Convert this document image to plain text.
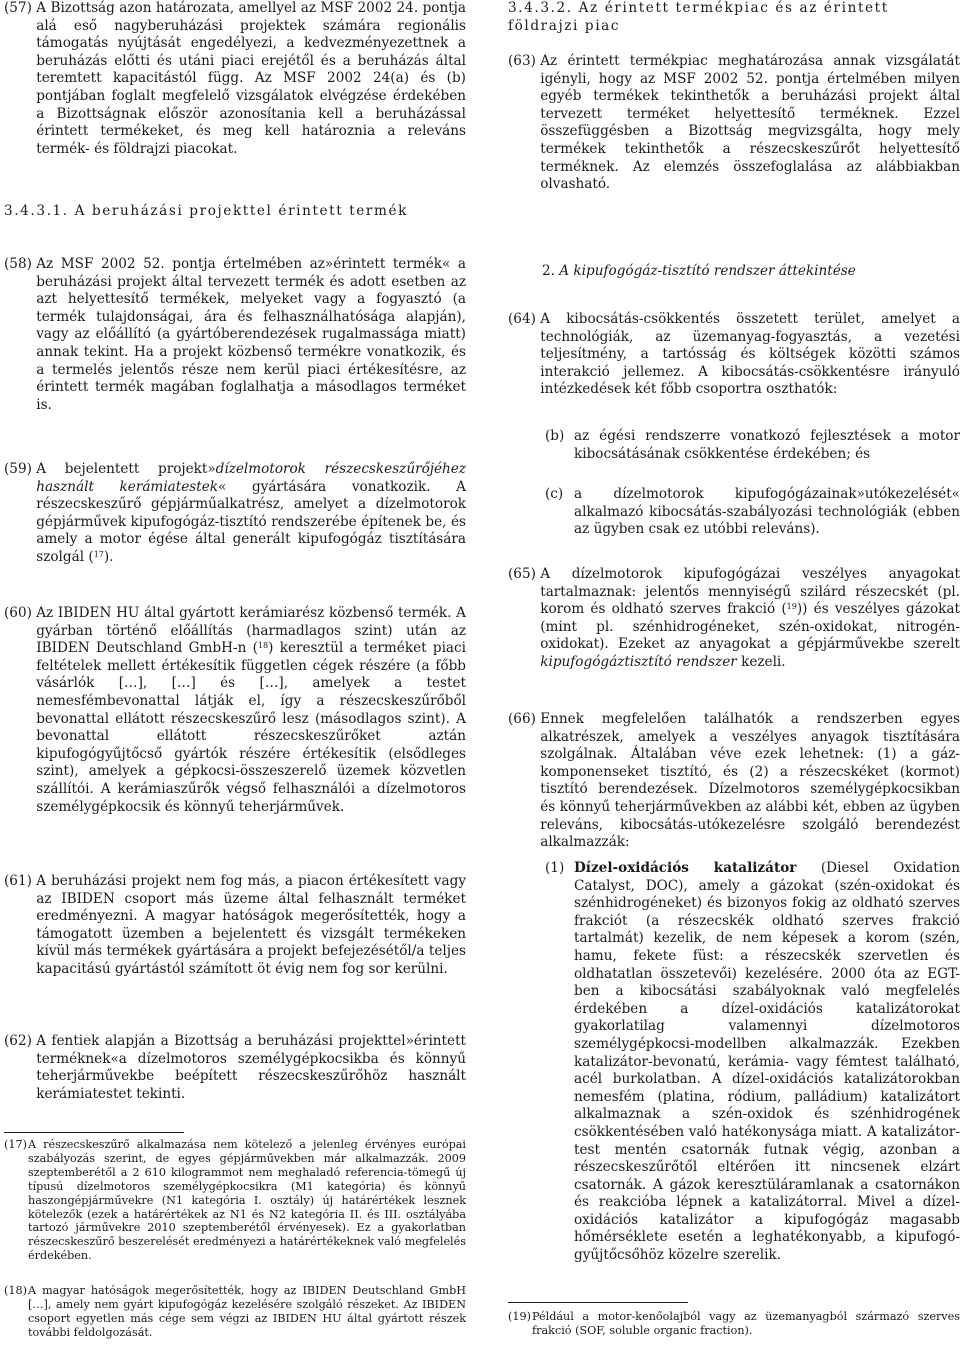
(57) A Bizottság azon határozata, amellyel az MSF 2002 24. pontja alá eső nagyberuházási projektek számára regionális támogatás nyújtását engedélyezi, a kedvezményezettnek a beruházás előtti és utáni piaci erejétől és a beruházás által teremtett kapacitástól függ. Az MSF 2002 24(a) és (b) pontjában foglalt megfelelő vizsgálatok elvégzése érdekében a Bizottságnak először azonosítania kell a beruházással érintett termékeket, és meg kell határoznia a releváns termék- és földrajzi piacokat.
3.4.3.1. A beruházási projekttel érintett termék
(58) Az MSF 2002 52. pontja értelmében az»érintett termék« a beruházási projekt által tervezett termék és adott esetben az azt helyettesítő termékek, melyeket vagy a fogyasztó (a termék tulajdonságai, ára és felhasználhatósága alapján), vagy az előállító (a gyártóberendezések rugalmassága miatt) annak tekint. Ha a projekt közbenső termékre vonatkozik, és a termelés jelentős része nem kerül piaci értékesítésre, az érintett termék magában foglalhatja a másodlagos terméket is.
(59) A bejelentett projekt»dízelmotorok részecskeszűrőjéhez használt kerámiatestek« gyártására vonatkozik. A részecskeszűrő gépjárműalkatrész, amelyet a dízelmotorok gépjárművek kipufogógáz-tisztító rendszerébe építenek be, és amely a motor égése által generált kipufogógáz tisztítására szolgál ($^{17}$).
(60) Az IBIDEN HU által gyártott kerámiarész közbenső termék. A gyárban történő előállítás (harmadlagos szint) után az IBIDEN Deutschland GmbH-n ($^{18}$) keresztül a terméket piaci feltételek mellett értékesítik független cégek részére (a főbb vásárlók […], […] és […], amelyek a testet nemesfémbevonattal látják el, így a részecskeszűrőből bevonattal ellátott részecskeszűrő lesz (másodlagos szint). A bevonattal ellátott részecskeszűrőket aztán kipufogógyűjtőcső gyártók részére értékesítik (elsődleges szint), amelyek a gépkocsi-összeszerelő üzemek közvetlen szállítói. A kerámiaszűrők végső felhasználói a dízelmotoros személygépkocsik és könnyű teherjárművek.
(61) A beruházási projekt nem fog más, a piacon értékesített vagy az IBIDEN csoport más üzeme által felhasznált terméket eredményezni. A magyar hatóságok megerősítették, hogy a támogatott üzemben a bejelentett és vizsgált termékeken kívül más termékek gyártására a projekt befejezésétől/a teljes kapacitású gyártástól számított öt évig nem fog sor kerülni.
(62) A fentiek alapján a Bizottság a beruházási projekttel»érintett terméknek«a dízelmotoros személygépkocsikba és könnyű teherjárművekbe beépített részecskeszűrőhöz használt kerámiatestet tekinti.
(17) A részecskeszűrő alkalmazása nem kötelező a jelenleg érvényes európai szabályozás szerint, de egyes gépjárművekben már alkalmazzák. 2009 szeptemberétől a 2 610 kilogrammot nem meghaladó referencia-tömegű új típusú dízelmotoros személygépkocsikra (M1 kategória) és könnyű haszongépjárművekre (N1 kategória I. osztály) új határértékek lesznek kötelezők (ezek a határértékek az N1 és N2 kategória II. és III. osztályába tartozó járművekre 2010 szeptemberétől érvényesek). Ez a gyakorlatban részecskeszűrő beszerelését eredményezi a határértékeknek való megfelelés érdekében.
(18) A magyar hatóságok megerősítették, hogy az IBIDEN Deutschland GmbH […], amely nem gyárt kipufogógáz kezelésére szolgáló részeket. Az IBIDEN csoport egyetlen más cége sem végzi az IBIDEN HU által gyártott részek további feldolgozását.
3.4.3.2. Az érintett termékpiac és az érintett földrajzi piac
(63) Az érintett termékpiac meghatározása annak vizsgálatát igényli, hogy az MSF 2002 52. pontja értelmében milyen egyéb termékek tekinthetők a beruházási projekt által tervezett terméket helyettesítő terméknek. Ezzel összefüggésben a Bizottság megvizsgálta, hogy mely termékek tekinthetők a részecskeszűrőt helyettesítő terméknek. Az elemzés összefoglalása az alábbiakban olvasható.
2. A kipufogógáz-tisztító rendszer áttekintése
(64) A kibocsátás-csökkentés összetett terület, amelyet a technológiák, az üzemanyag-fogyasztás, a vezetési teljesítmény, a tartósság és költségek közötti számos interakció jellemez. A kibocsátás-csökkentésre irányuló intézkedések két főbb csoportra oszthatók:
(b) az égési rendszerre vonatkozó fejlesztések a motor kibocsátásának csökkentése érdekében; és
(c) a dízelmotorok kipufogógázainak»utókezelését« alkalmazó kibocsátás-szabályozási technológiák (ebben az ügyben csak ez utóbbi releváns).
(65) A dízelmotorok kipufogógázai veszélyes anyagokat tartalmaznak: jelentős mennyiségű szilárd részecskét (pl. korom és oldható szerves frakció ($^{19}$)) és veszélyes gázokat (mint pl. szénhidrogéneket, szén-oxidokat, nitrogén-oxidokat). Ezeket az anyagokat a gépjárművekbe szerelt kipufogógáztisztító rendszer kezeli.
(66) Ennek megfelelően találhatók a rendszerben egyes alkatrészek, amelyek a veszélyes anyagok tisztítására szolgálnak. Általában véve ezek lehetnek: (1) a gáz-komponenseket tisztító, és (2) a részecskéket (kormot) tisztító berendezések. Dízelmotoros személygépkocsikban és könnyű teherjárművekben az alábbi két, ebben az ügyben releváns, kibocsátás-utókezelésre szolgáló berendezést alkalmazzák:
(1) Dízel-oxidációs katalizátor (Diesel Oxidation Catalyst, DOC), amely a gázokat (szén-oxidokat és szénhidrogéneket) és bizonyos fokig az oldható szerves frakciót (a részecskék oldható szerves frakció tartalmát) kezelik, de nem képesek a korom (szén, hamu, fekete füst: a részecskék szervetlen és oldhatatlan összetevői) kezelésére. 2000 óta az EGT-ben a kibocsátási szabályoknak való megfelelés érdekében a dízel-oxidációs katalizátorokat gyakorlatilag valamennyi dízelmotoros személygépkocsi-modellben alkalmazzák. Ezekben katalizátor-bevonatú, kerámia- vagy fémtest található, acél burkolatban. A dízel-oxidációs katalizátorokban nemesfém (platina, ródium, palládium) katalizátort alkalmaznak a szén-oxidok és szénhidrogének csökkentésében való hatékonysága miatt. A katalizátor-test mentén csatornák futnak végig, azonban a részecskeszűrőtől eltérően itt nincsenek elzárt csatornák. A gázok keresztüláramlanak a csatornákon és reakcióba lépnek a katalizátorral. Mivel a dízel-oxidációs katalizátor a kipufogógáz magasabb hőmérséklete esetén a leghatékonyabb, a kipufogó-gyűjtőcsőhöz közelre szerelik.
(19) Például a motor-kenőolajból vagy az üzemanyagból származó szerves frakció (SOF, soluble organic fraction).
